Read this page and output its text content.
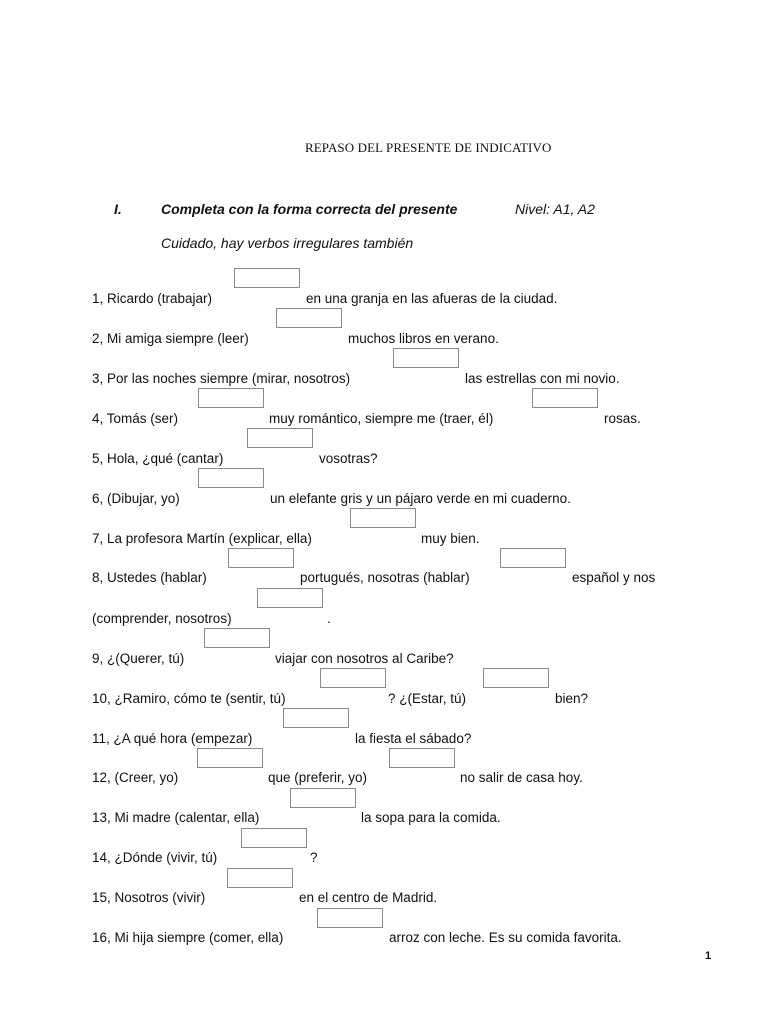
REPASO DEL PRESENTE DE INDICATIVO
I.	Completa con la forma correcta del presente	Nivel: A1, A2
Cuidado, hay verbos irregulares también
1, Ricardo (trabajar)	en una granja en las afueras de la ciudad.
2, Mi amiga siempre (leer)	muchos libros en verano.
3, Por las noches siempre (mirar, nosotros)	las estrellas con mi novio.
4, Tomás (ser)	muy romántico, siempre me (traer, él)	rosas.
5, Hola, ¿qué (cantar)	vosotras?
6, (Dibujar, yo)	un elefante gris y un pájaro verde en mi cuaderno.
7, La profesora Martín (explicar, ella)	muy bien.
8, Ustedes (hablar)	portugués, nosotras (hablar)	español y nos
(comprender, nosotros)	.
9, ¿(Querer, tú)	viajar con nosotros al Caribe?
10, ¿Ramiro, cómo te (sentir, tú)	? ¿(Estar, tú)	bien?
11, ¿A qué hora (empezar)	la fiesta el sábado?
12, (Creer, yo)	que (preferir, yo)	no salir de casa hoy.
13, Mi madre (calentar, ella)	la sopa para la comida.
14, ¿Dónde (vivir, tú)	?
15, Nosotros (vivir)	en el centro de Madrid.
16, Mi hija siempre (comer, ella)	arroz con leche. Es su comida favorita.
1
